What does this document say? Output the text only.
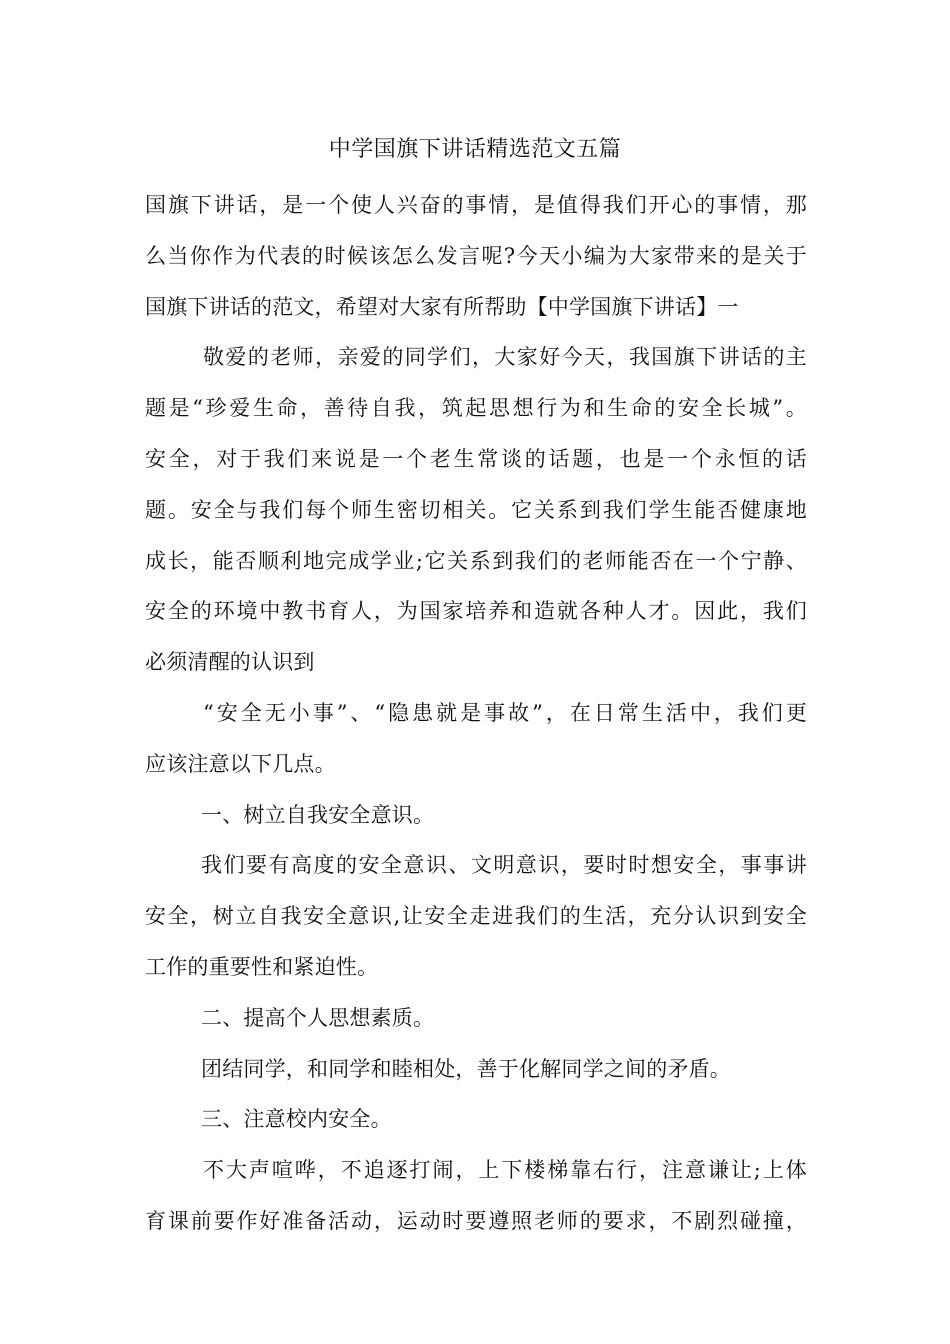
中学国旗下讲话精选范文五篇
国旗下讲话，是一个使人兴奋的事情，是值得我们开心的事情，那
么当你作为代表的时候该怎么发言呢?今天小编为大家带来的是关于
国旗下讲话的范文，希望对大家有所帮助【中学国旗下讲话】一
敬爱的老师，亲爱的同学们，大家好今天，我国旗下讲话的主
题是“珍爱生命，善待自我，筑起思想行为和生命的安全长城”。
安全，对于我们来说是一个老生常谈的话题，也是一个永恒的话
题。安全与我们每个师生密切相关。它关系到我们学生能否健康地
成长，能否顺利地完成学业;它关系到我们的老师能否在一个宁静、
安全的环境中教书育人，为国家培养和造就各种人才。因此，我们
必须清醒的认识到
“安全无小事”、“隐患就是事故”，在日常生活中，我们更
应该注意以下几点。
一、树立自我安全意识。
我们要有高度的安全意识、文明意识，要时时想安全，事事讲
安全，树立自我安全意识,让安全走进我们的生活，充分认识到安全
工作的重要性和紧迫性。
二、提高个人思想素质。
团结同学，和同学和睦相处，善于化解同学之间的矛盾。
三、注意校内安全。
不大声喧哗，不追逐打闹，上下楼梯靠右行，注意谦让;上体
育课前要作好准备活动，运动时要遵照老师的要求，不剧烈碰撞，
